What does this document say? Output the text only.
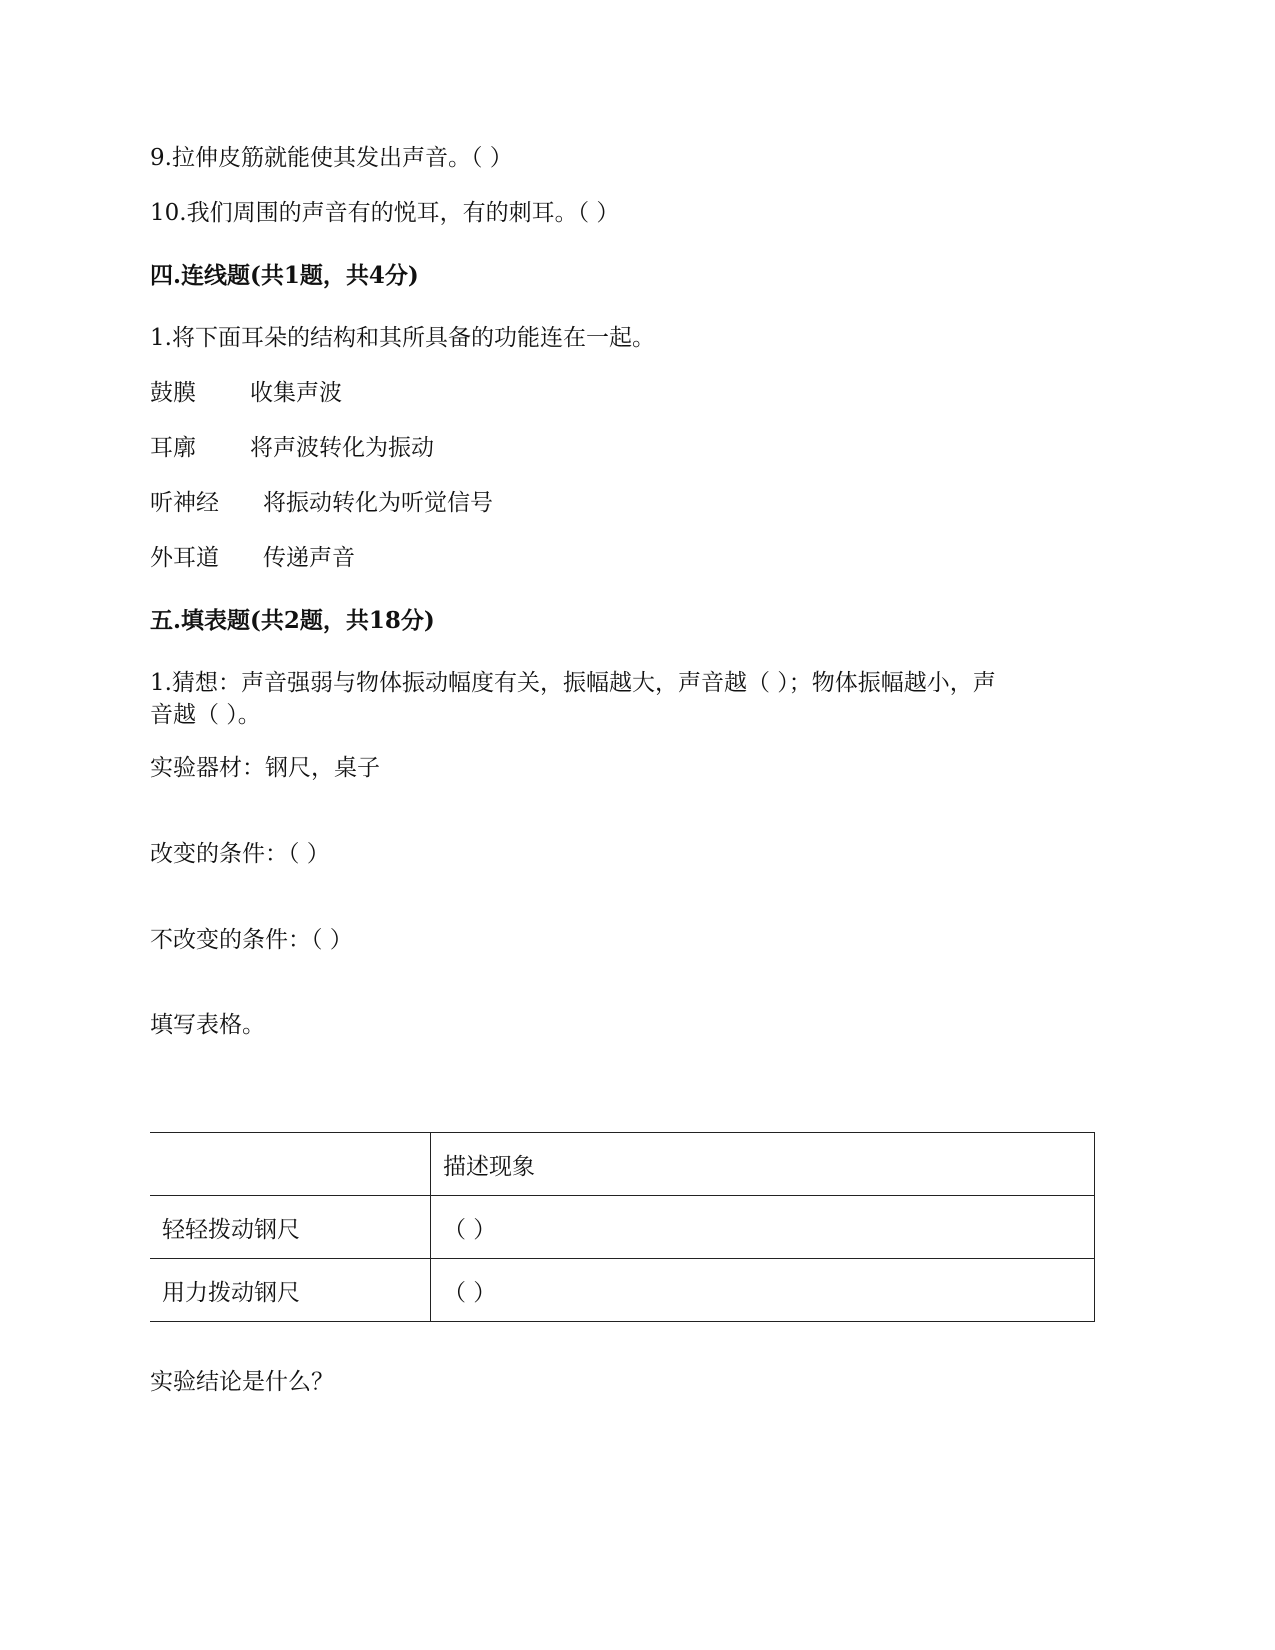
9.拉伸皮筋就能使其发出声音。（ ）
10.我们周围的声音有的悦耳，有的刺耳。（ ）
四.连线题(共1题，共4分)
1.将下面耳朵的结构和其所具备的功能连在一起。
鼓膜 收集声波
耳廓 将声波转化为振动
听神经 将振动转化为听觉信号
外耳道 传递声音
五.填表题(共2题，共18分)
1.猜想：声音强弱与物体振动幅度有关，振幅越大，声音越（ ）；物体振幅越小，声
音越（ ）。
实验器材：钢尺，桌子
改变的条件：（ ）
不改变的条件：（ ）
填写表格。
	描述现象
轻轻拨动钢尺	（ ）
用力拨动钢尺	（ ）
实验结论是什么？
